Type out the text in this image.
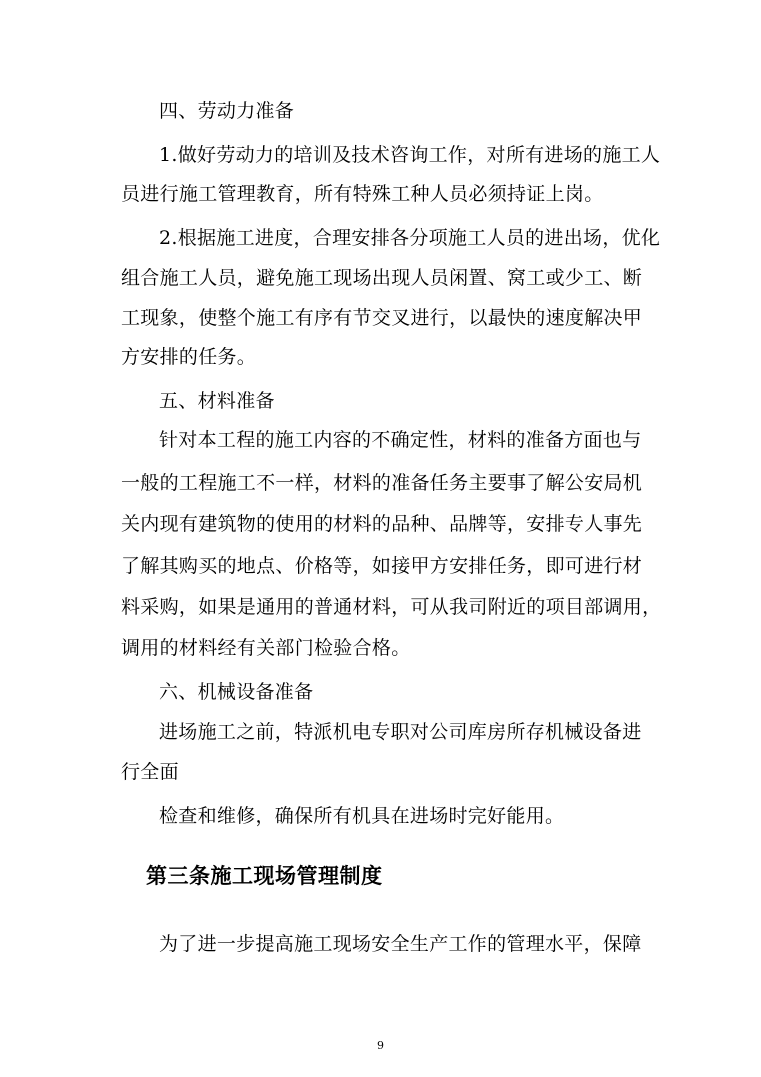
四、劳动力准备
1.做好劳动力的培训及技术咨询工作，对所有进场的施工人
员进行施工管理教育，所有特殊工种人员必须持证上岗。
2.根据施工进度，合理安排各分项施工人员的进出场，优化
组合施工人员，避免施工现场出现人员闲置、窝工或少工、断
工现象，使整个施工有序有节交叉进行，以最快的速度解决甲
方安排的任务。
五、材料准备
针对本工程的施工内容的不确定性，材料的准备方面也与
一般的工程施工不一样，材料的准备任务主要事了解公安局机
关内现有建筑物的使用的材料的品种、品牌等，安排专人事先
了解其购买的地点、价格等，如接甲方安排任务，即可进行材
料采购，如果是通用的普通材料，可从我司附近的项目部调用，
调用的材料经有关部门检验合格。
六、机械设备准备
进场施工之前，特派机电专职对公司库房所存机械设备进
行全面
检查和维修，确保所有机具在进场时完好能用。
第三条施工现场管理制度
为了进一步提高施工现场安全生产工作的管理水平，保障
9
